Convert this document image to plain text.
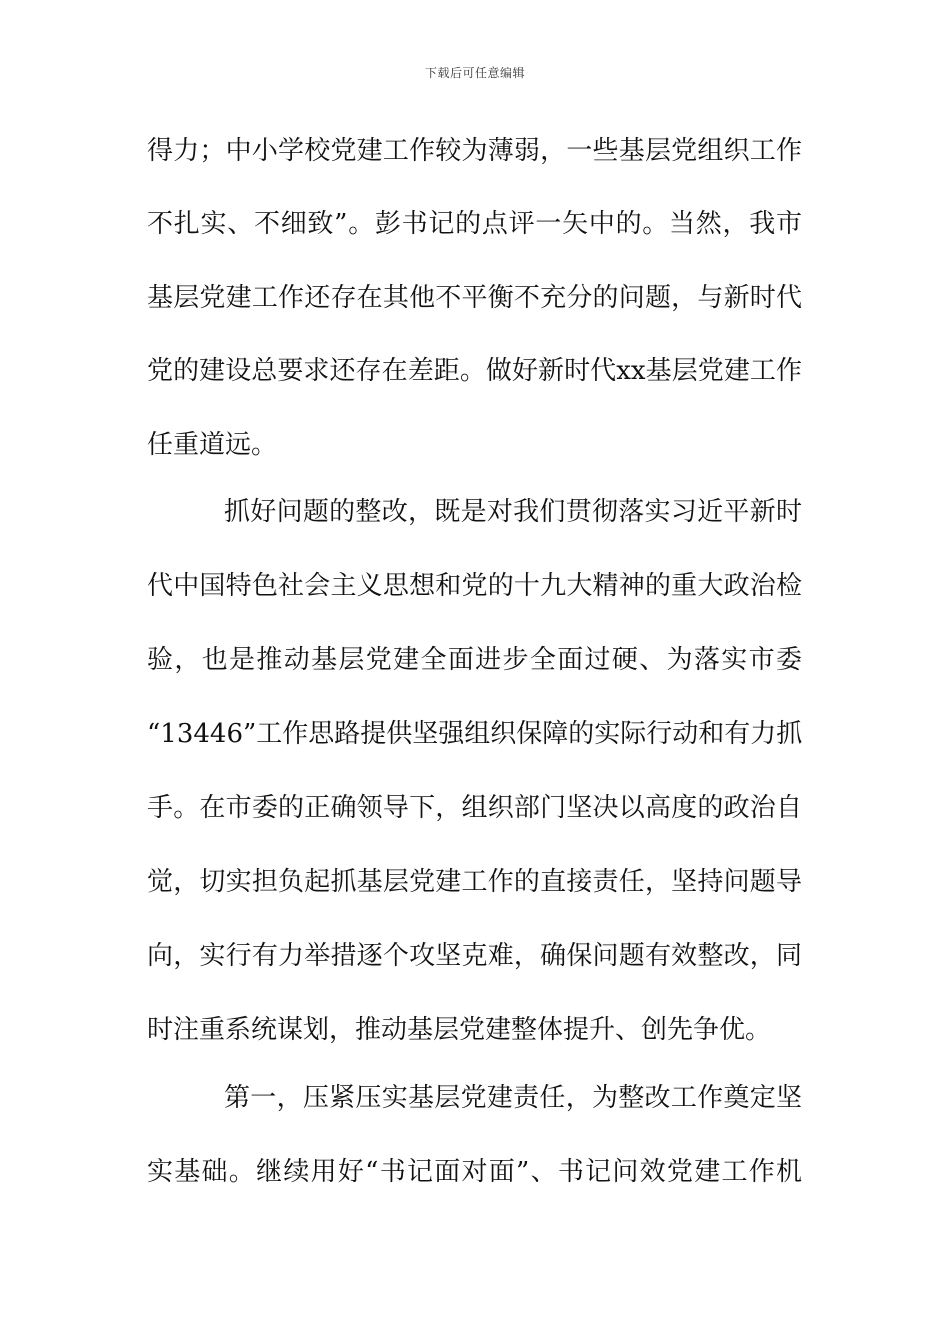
下载后可任意编辑
得力；中小学校党建工作较为薄弱，一些基层党组织工作
不扎实、不细致”。彭书记的点评一矢中的。当然，我市
基层党建工作还存在其他不平衡不充分的问题，与新时代
党的建设总要求还存在差距。做好新时代xx基层党建工作
任重道远。
抓好问题的整改，既是对我们贯彻落实习近平新时
代中国特色社会主义思想和党的十九大精神的重大政治检
验，也是推动基层党建全面进步全面过硬、为落实市委
“13446”工作思路提供坚强组织保障的实际行动和有力抓
手。在市委的正确领导下，组织部门坚决以高度的政治自
觉，切实担负起抓基层党建工作的直接责任，坚持问题导
向，实行有力举措逐个攻坚克难，确保问题有效整改，同
时注重系统谋划，推动基层党建整体提升、创先争优。
第一，压紧压实基层党建责任，为整改工作奠定坚
实基础。继续用好“书记面对面”、书记问效党建工作机
